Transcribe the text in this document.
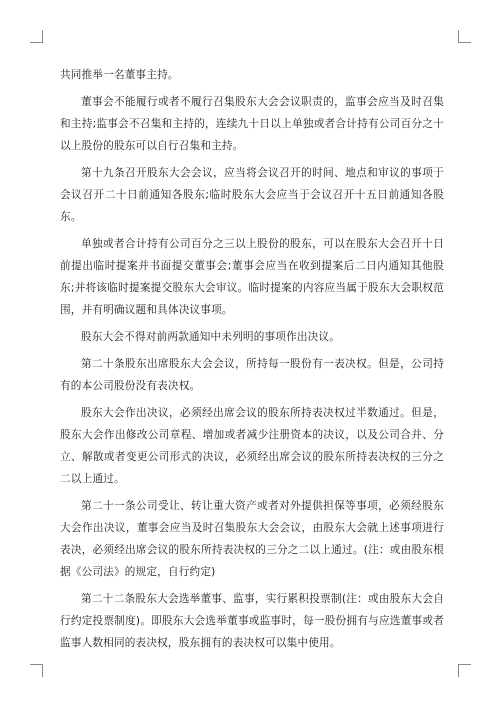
共同推举一名董事主持。

董事会不能履行或者不履行召集股东大会会议职责的，监事会应当及时召集和主持;监事会不召集和主持的，连续九十日以上单独或者合计持有公司百分之十以上股份的股东可以自行召集和主持。

第十九条召开股东大会会议，应当将会议召开的时间、地点和审议的事项于会议召开二十日前通知各股东;临时股东大会应当于会议召开十五日前通知各股东。

单独或者合计持有公司百分之三以上股份的股东，可以在股东大会召开十日前提出临时提案并书面提交董事会;董事会应当在收到提案后二日内通知其他股东;并将该临时提案提交股东大会审议。临时提案的内容应当属于股东大会职权范围，并有明确议题和具体决议事项。

股东大会不得对前两款通知中未列明的事项作出决议。

第二十条股东出席股东大会会议，所持每一股份有一表决权。但是，公司持有的本公司股份没有表决权。

股东大会作出决议，必须经出席会议的股东所持表决权过半数通过。但是，股东大会作出修改公司章程、增加或者减少注册资本的决议，以及公司合并、分立、解散或者变更公司形式的决议，必须经出席会议的股东所持表决权的三分之二以上通过。

第二十一条公司受让、转让重大资产或者对外提供担保等事项，必须经股东大会作出决议，董事会应当及时召集股东大会会议，由股东大会就上述事项进行表决，必须经出席会议的股东所持表决权的三分之二以上通过。(注：或由股东根据《公司法》的规定，自行约定)

第二十二条股东大会选举董事、监事，实行累积投票制(注：或由股东大会自行约定投票制度)。即股东大会选举董事或监事时，每一股份拥有与应选董事或者监事人数相同的表决权，股东拥有的表决权可以集中使用。
